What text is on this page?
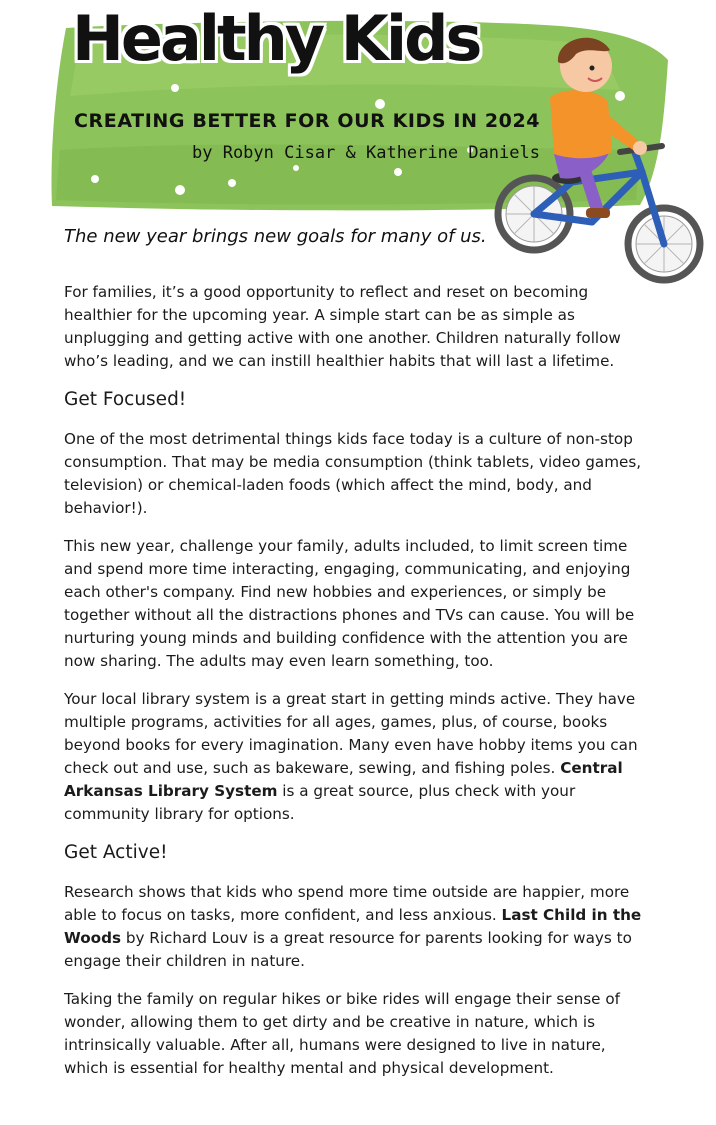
Healthy Kids
CREATING BETTER FOR OUR KIDS IN 2024
by Robyn Cisar & Katherine Daniels
The new year brings new goals for many of us.

For families, it’s a good opportunity to reflect and reset on becoming healthier for the upcoming year. A simple start can be as simple as unplugging and getting active with one another. Children naturally follow who’s leading, and we can instill healthier habits that will last a lifetime.

Get Focused!

One of the most detrimental things kids face today is a culture of non-stop consumption. That may be media consumption (think tablets, video games, television) or chemical-laden foods (which affect the mind, body, and behavior!).

This new year, challenge your family, adults included, to limit screen time and spend more time interacting, engaging, communicating, and enjoying each other's company. Find new hobbies and experiences, or simply be together without all the distractions phones and TVs can cause. You will be nurturing young minds and building confidence with the attention you are now sharing. The adults may even learn something, too.

Your local library system is a great start in getting minds active. They have multiple programs, activities for all ages, games, plus, of course, books beyond books for every imagination. Many even have hobby items you can check out and use, such as bakeware, sewing, and fishing poles. Central Arkansas Library System is a great source, plus check with your community library for options.

Get Active!

Research shows that kids who spend more time outside are happier, more able to focus on tasks, more confident, and less anxious. Last Child in the Woods by Richard Louv is a great resource for parents looking for ways to engage their children in nature.

Taking the family on regular hikes or bike rides will engage their sense of wonder, allowing them to get dirty and be creative in nature, which is intrinsically valuable. After all, humans were designed to live in nature, which is essential for healthy mental and physical development.
